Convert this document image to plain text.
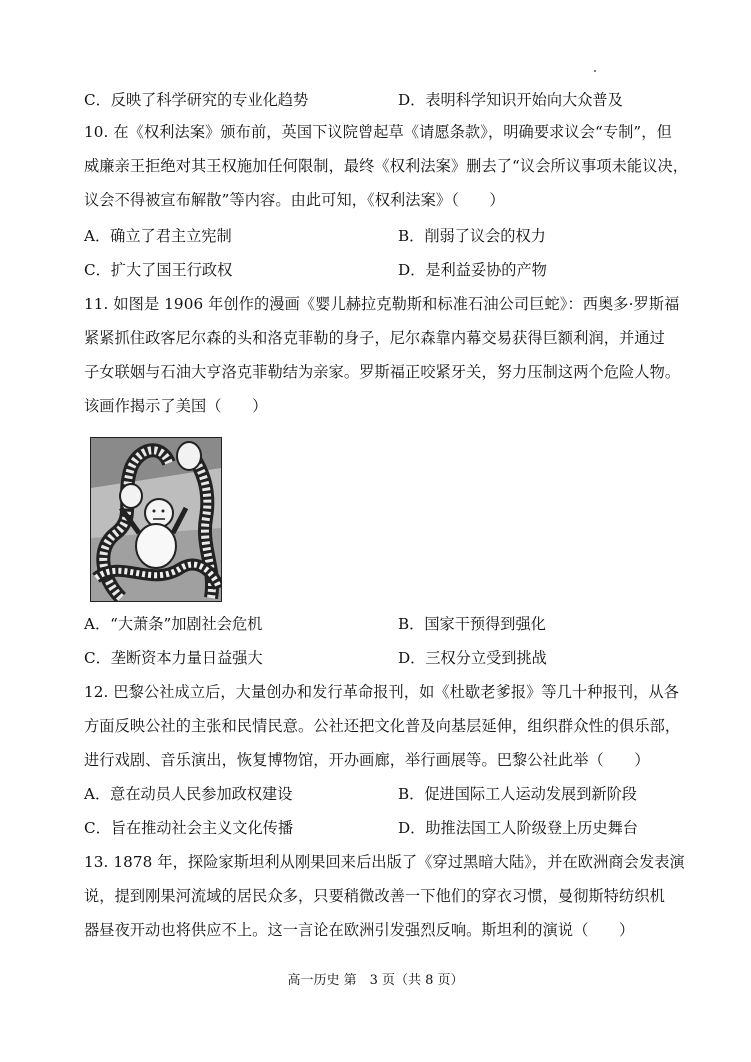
C．反映了科学研究的专业化趋势	D．表明科学知识开始向大众普及
10. 在《权利法案》颁布前，英国下议院曾起草《请愿条款》，明确要求议会“专制”，但
威廉亲王拒绝对其王权施加任何限制，最终《权利法案》删去了“议会所议事项未能议决，
议会不得被宣布解散”等内容。由此可知，《权利法案》（　　）
A．确立了君主立宪制	B．削弱了议会的权力
C．扩大了国王行政权	D．是利益妥协的产物
11. 如图是 1906 年创作的漫画《婴儿赫拉克勒斯和标准石油公司巨蛇》：西奥多·罗斯福
紧紧抓住政客尼尔森的头和洛克菲勒的身子，尼尔森靠内幕交易获得巨额利润，并通过
子女联姻与石油大亨洛克菲勒结为亲家。罗斯福正咬紧牙关，努力压制这两个危险人物。
该画作揭示了美国（　　）
A．“大萧条”加剧社会危机	B．国家干预得到强化
C．垄断资本力量日益强大	D．三权分立受到挑战
12. 巴黎公社成立后，大量创办和发行革命报刊，如《杜歇老爹报》等几十种报刊，从各
方面反映公社的主张和民情民意。公社还把文化普及向基层延伸，组织群众性的俱乐部，
进行戏剧、音乐演出，恢复博物馆，开办画廊，举行画展等。巴黎公社此举（　　）
A．意在动员人民参加政权建设	B．促进国际工人运动发展到新阶段
C．旨在推动社会主义文化传播	D．助推法国工人阶级登上历史舞台
13. 1878 年，探险家斯坦利从刚果回来后出版了《穿过黑暗大陆》，并在欧洲商会发表演
说，提到刚果河流域的居民众多，只要稍微改善一下他们的穿衣习惯，曼彻斯特纺织机
器昼夜开动也将供应不上。这一言论在欧洲引发强烈反响。斯坦利的演说（　　）
高一历史 第　3 页（共 8 页）
